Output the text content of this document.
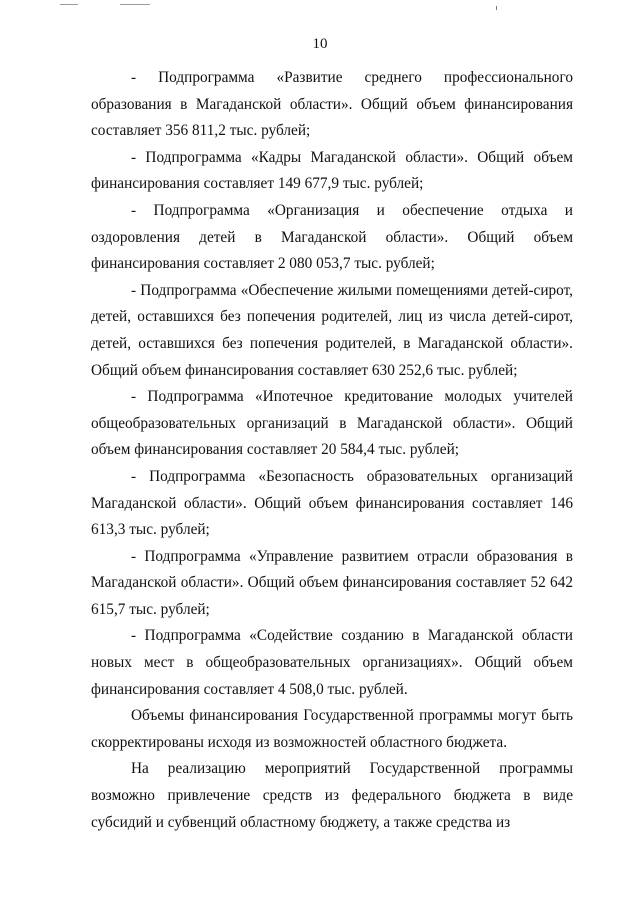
10

- Подпрограмма «Развитие среднего профессионального образования в Магаданской области». Общий объем финансирования составляет 356 811,2 тыс. рублей;

- Подпрограмма «Кадры Магаданской области». Общий объем финансирования составляет 149 677,9 тыс. рублей;

- Подпрограмма «Организация и обеспечение отдыха и оздоровления детей в Магаданской области». Общий объем финансирования составляет 2 080 053,7 тыс. рублей;

- Подпрограмма «Обеспечение жилыми помещениями детей-сирот, детей, оставшихся без попечения родителей, лиц из числа детей-сирот, детей, оставшихся без попечения родителей, в Магаданской области». Общий объем финансирования составляет 630 252,6 тыс. рублей;

- Подпрограмма «Ипотечное кредитование молодых учителей общеобразовательных организаций в Магаданской области». Общий объем финансирования составляет 20 584,4 тыс. рублей;

- Подпрограмма «Безопасность образовательных организаций Магаданской области». Общий объем финансирования составляет 146 613,3 тыс. рублей;

- Подпрограмма «Управление развитием отрасли образования в Магаданской области». Общий объем финансирования составляет 52 642 615,7 тыс. рублей;

- Подпрограмма «Содействие созданию в Магаданской области новых мест в общеобразовательных организациях». Общий объем финансирования составляет 4 508,0 тыс. рублей.

Объемы финансирования Государственной программы могут быть скорректированы исходя из возможностей областного бюджета.

На реализацию мероприятий Государственной программы возможно привлечение средств из федерального бюджета в виде субсидий и субвенций областному бюджету, а также средства из
